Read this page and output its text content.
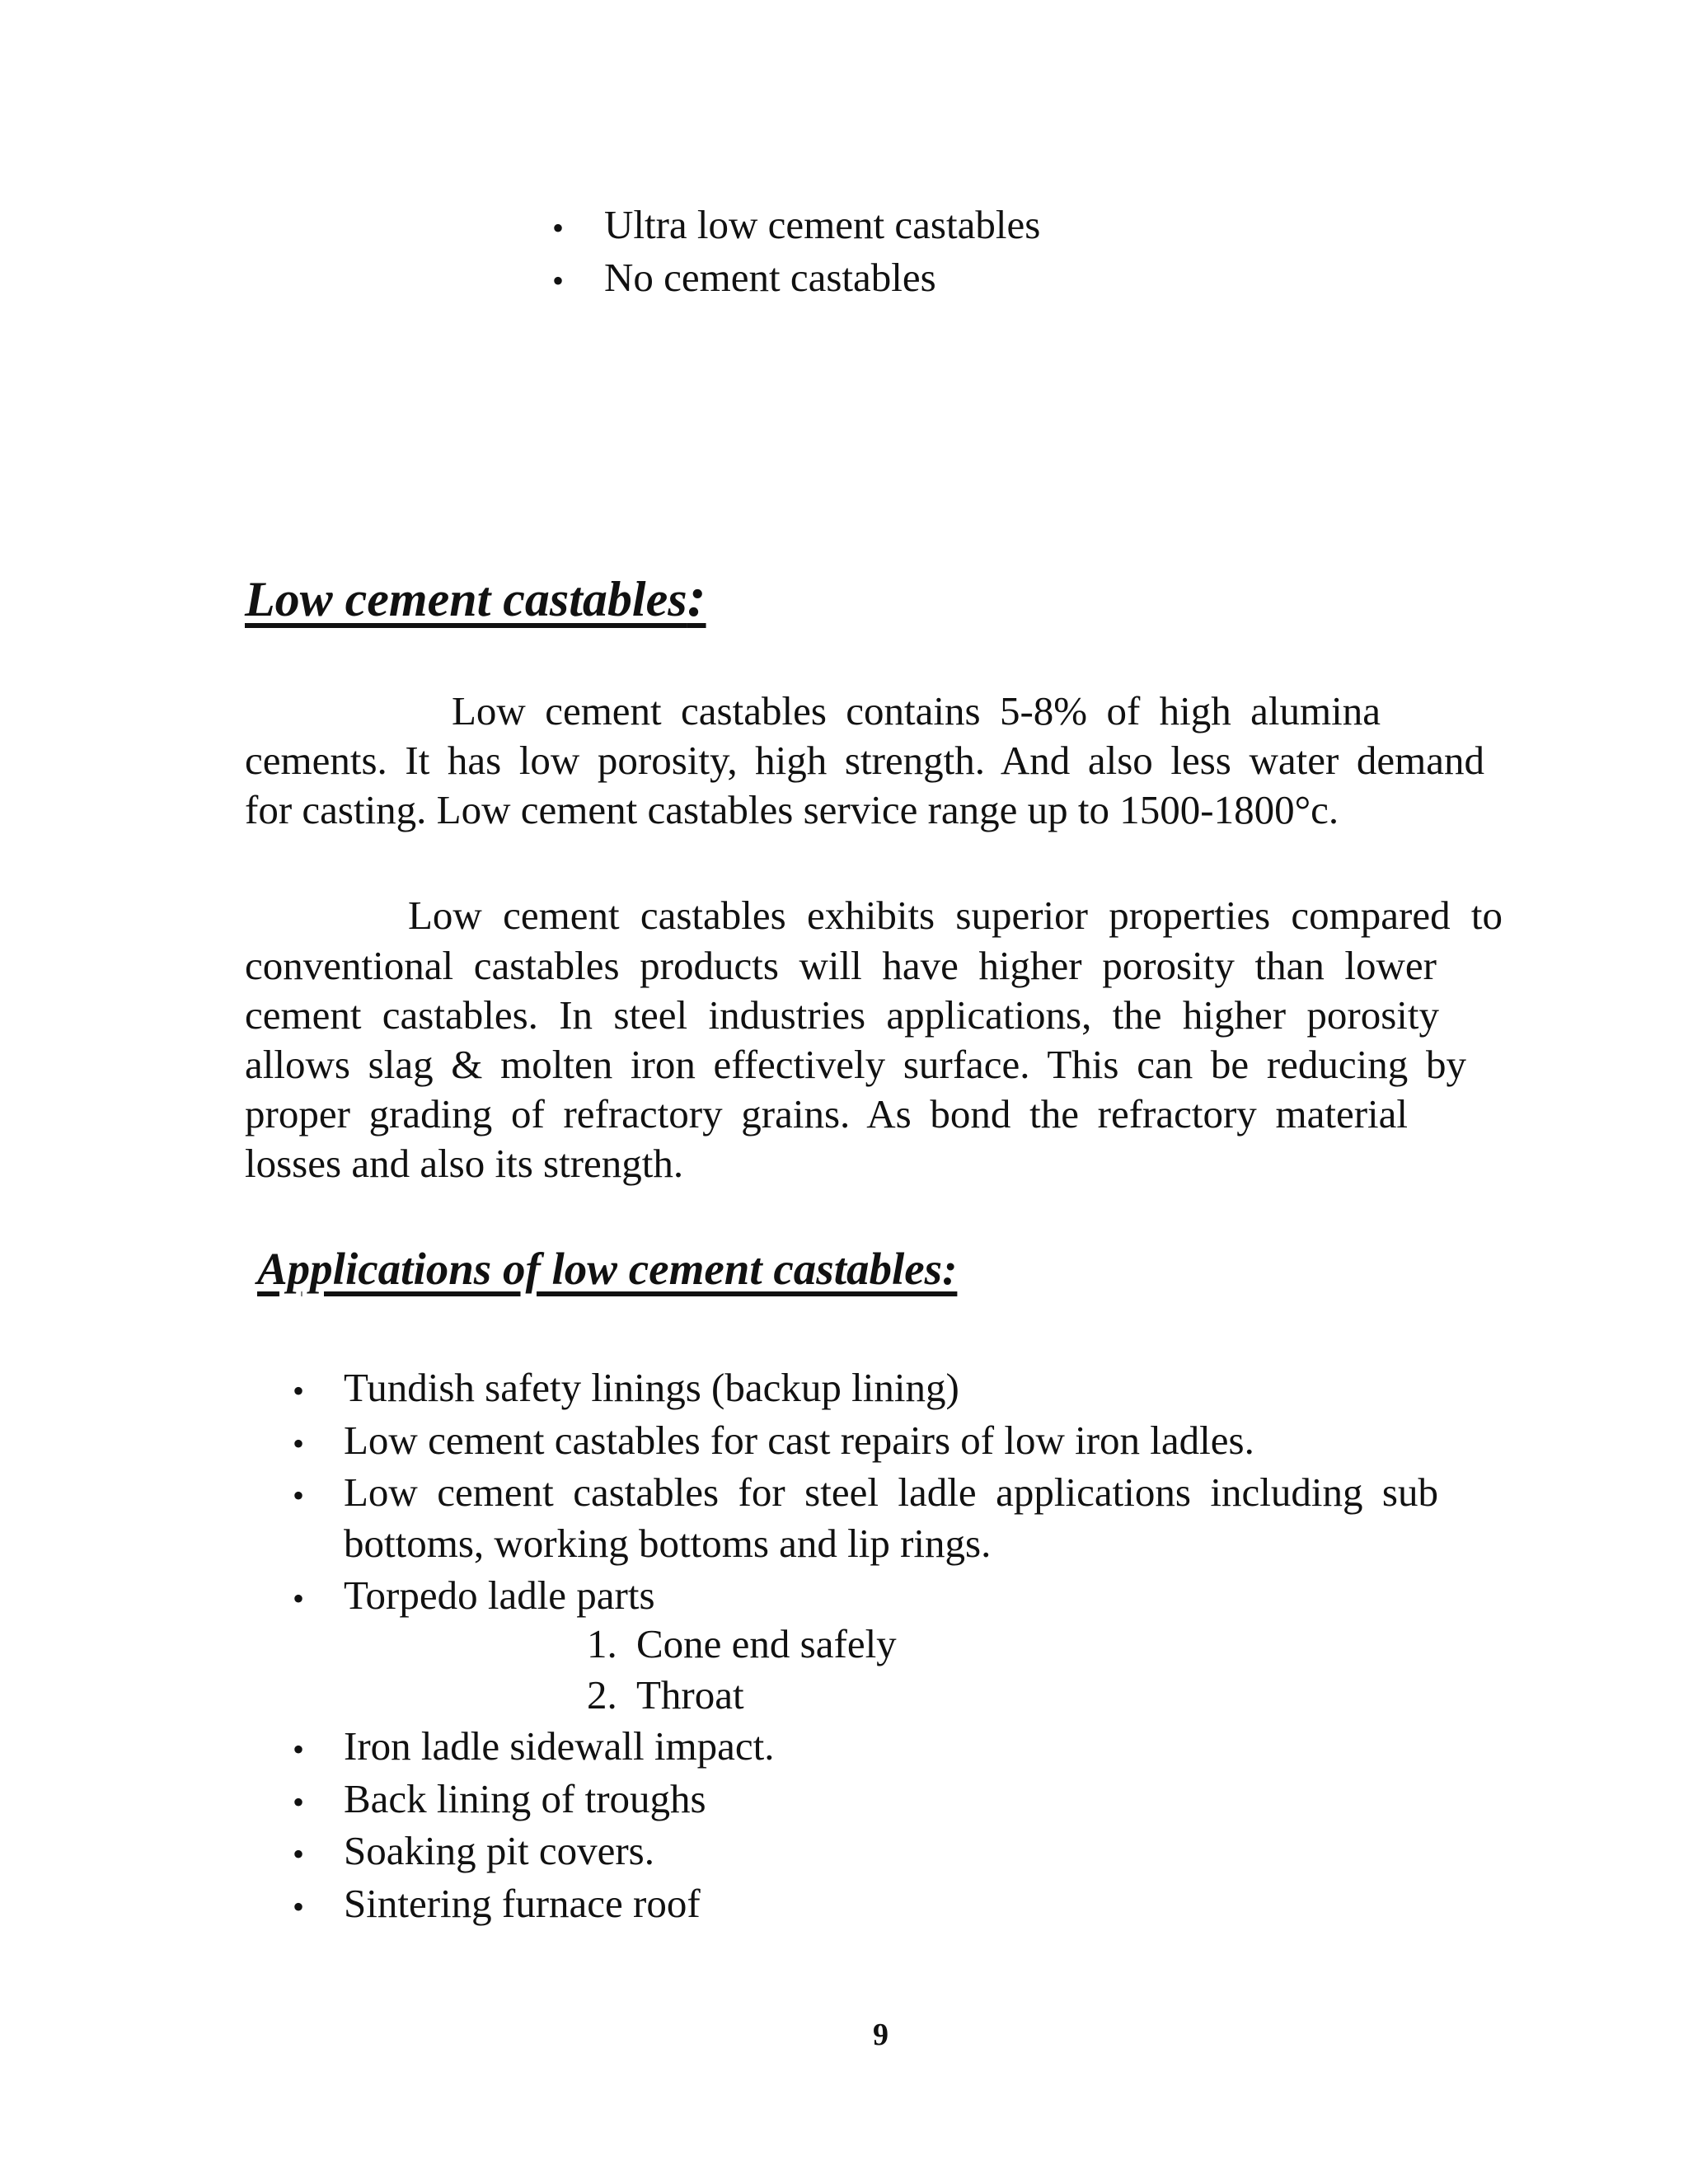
• Ultra low cement castables
• No cement castables
Low cement castables:
Low cement castables contains 5-8% of high alumina
cements. It has low porosity, high strength. And also less water demand
for casting. Low cement castables service range up to 1500-1800°c.
Low cement castables exhibits superior properties compared to
conventional castables products will have higher porosity than lower
cement castables. In steel industries applications, the higher porosity
allows slag & molten iron effectively surface. This can be reducing by
proper grading of refractory grains. As bond the refractory material
losses and also its strength.
Applications of low cement castables:
• Tundish safety linings (backup lining)
• Low cement castables for cast repairs of low iron ladles.
• Low cement castables for steel ladle applications including sub
bottoms, working bottoms and lip rings.
• Torpedo ladle parts
1. Cone end safely
2. Throat
• Iron ladle sidewall impact.
• Back lining of troughs
• Soaking pit covers.
• Sintering furnace roof
9
